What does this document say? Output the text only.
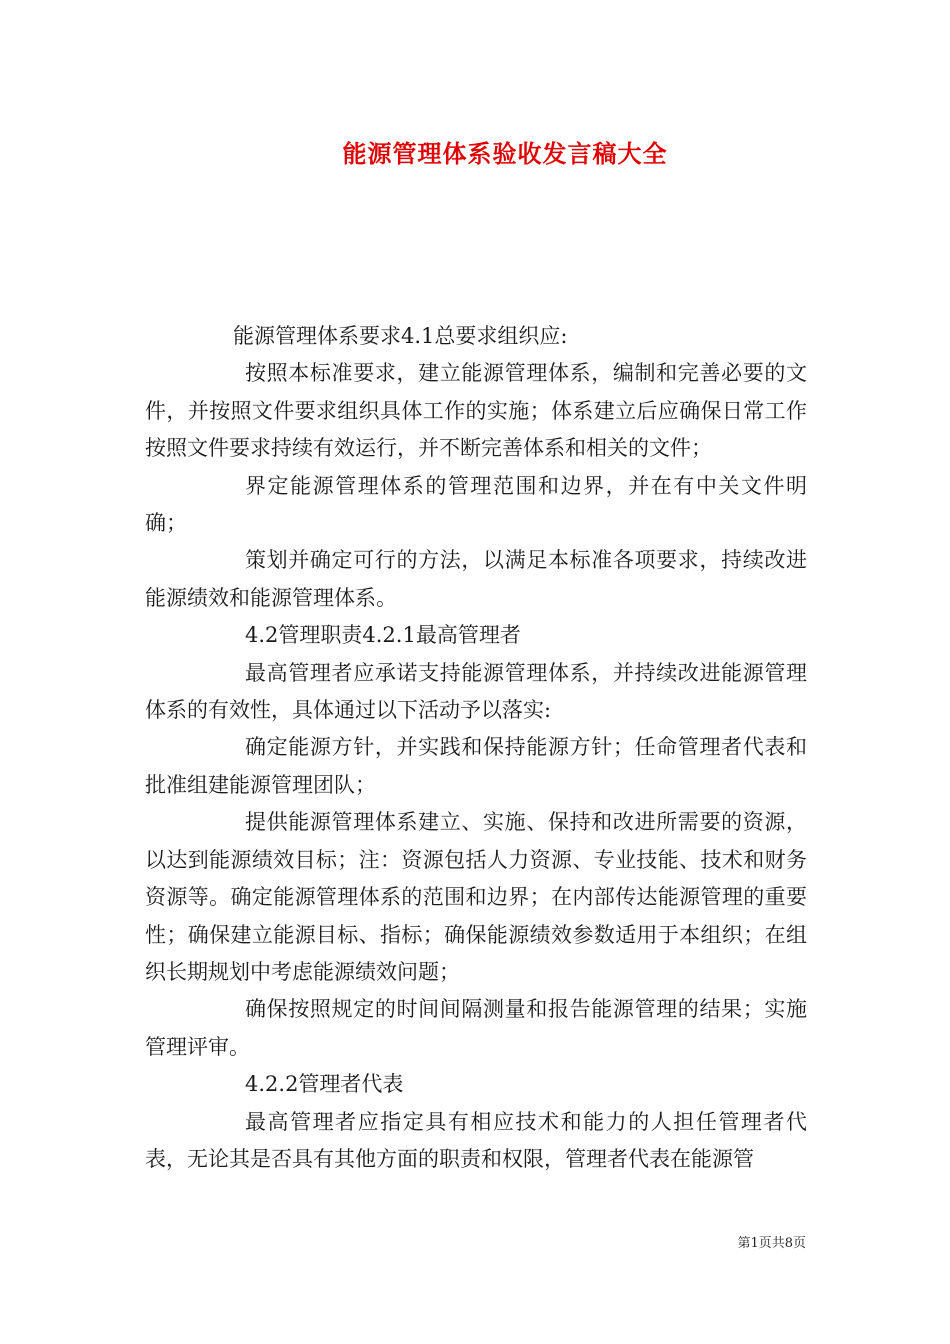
能源管理体系验收发言稿大全

能源管理体系要求4.1总要求组织应:

按照本标准要求，建立能源管理体系，编制和完善必要的文件，并按照文件要求组织具体工作的实施；体系建立后应确保日常工作按照文件要求持续有效运行，并不断完善体系和相关的文件；

界定能源管理体系的管理范围和边界，并在有中关文件明确；

策划并确定可行的方法，以满足本标准各项要求，持续改进能源绩效和能源管理体系。

4.2管理职责4.2.1最高管理者

最高管理者应承诺支持能源管理体系，并持续改进能源管理体系的有效性，具体通过以下活动予以落实:

确定能源方针，并实践和保持能源方针；任命管理者代表和批准组建能源管理团队；

提供能源管理体系建立、实施、保持和改进所需要的资源，以达到能源绩效目标；注：资源包括人力资源、专业技能、技术和财务资源等。确定能源管理体系的范围和边界；在内部传达能源管理的重要性；确保建立能源目标、指标；确保能源绩效参数适用于本组织；在组织长期规划中考虑能源绩效问题；

确保按照规定的时间间隔测量和报告能源管理的结果；实施管理评审。

4.2.2管理者代表

最高管理者应指定具有相应技术和能力的人担任管理者代表，无论其是否具有其他方面的职责和权限，管理者代表在能源管

第1页共8页
